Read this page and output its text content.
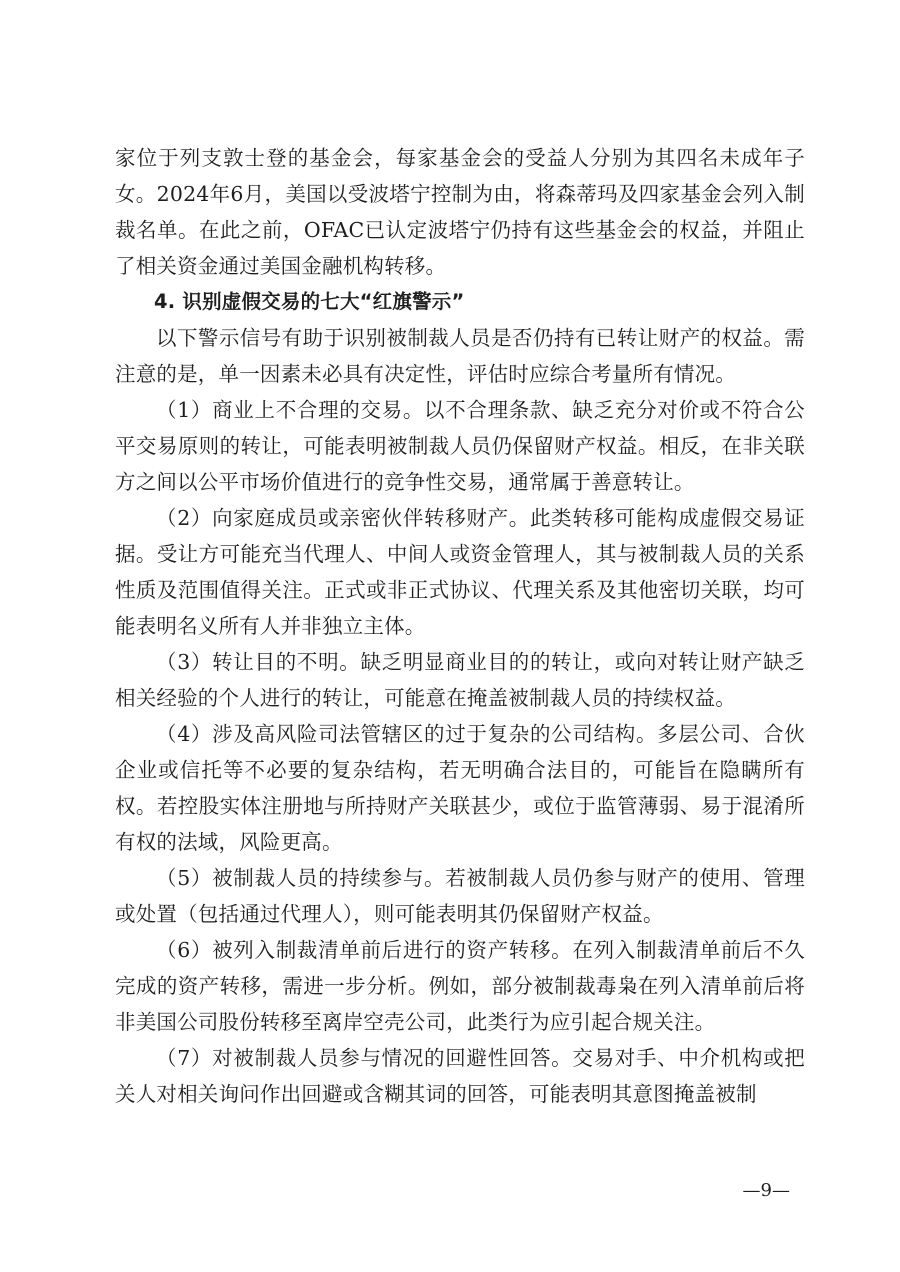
家位于列支敦士登的基金会，每家基金会的受益人分别为其四名未成年子女。2024年6月，美国以受波塔宁控制为由，将森蒂玛及四家基金会列入制裁名单。在此之前，OFAC已认定波塔宁仍持有这些基金会的权益，并阻止了相关资金通过美国金融机构转移。

4. 识别虚假交易的七大“红旗警示”

以下警示信号有助于识别被制裁人员是否仍持有已转让财产的权益。需注意的是，单一因素未必具有决定性，评估时应综合考量所有情况。

（1）商业上不合理的交易。以不合理条款、缺乏充分对价或不符合公平交易原则的转让，可能表明被制裁人员仍保留财产权益。相反，在非关联方之间以公平市场价值进行的竞争性交易，通常属于善意转让。

（2）向家庭成员或亲密伙伴转移财产。此类转移可能构成虚假交易证据。受让方可能充当代理人、中间人或资金管理人，其与被制裁人员的关系性质及范围值得关注。正式或非正式协议、代理关系及其他密切关联，均可能表明名义所有人并非独立主体。

（3）转让目的不明。缺乏明显商业目的的转让，或向对转让财产缺乏相关经验的个人进行的转让，可能意在掩盖被制裁人员的持续权益。

（4）涉及高风险司法管辖区的过于复杂的公司结构。多层公司、合伙企业或信托等不必要的复杂结构，若无明确合法目的，可能旨在隐瞒所有权。若控股实体注册地与所持财产关联甚少，或位于监管薄弱、易于混淆所有权的法域，风险更高。

（5）被制裁人员的持续参与。若被制裁人员仍参与财产的使用、管理或处置（包括通过代理人），则可能表明其仍保留财产权益。

（6）被列入制裁清单前后进行的资产转移。在列入制裁清单前后不久完成的资产转移，需进一步分析。例如，部分被制裁毒枭在列入清单前后将非美国公司股份转移至离岸空壳公司，此类行为应引起合规关注。

（7）对被制裁人员参与情况的回避性回答。交易对手、中介机构或把关人对相关询问作出回避或含糊其词的回答，可能表明其意图掩盖被制

—9—
